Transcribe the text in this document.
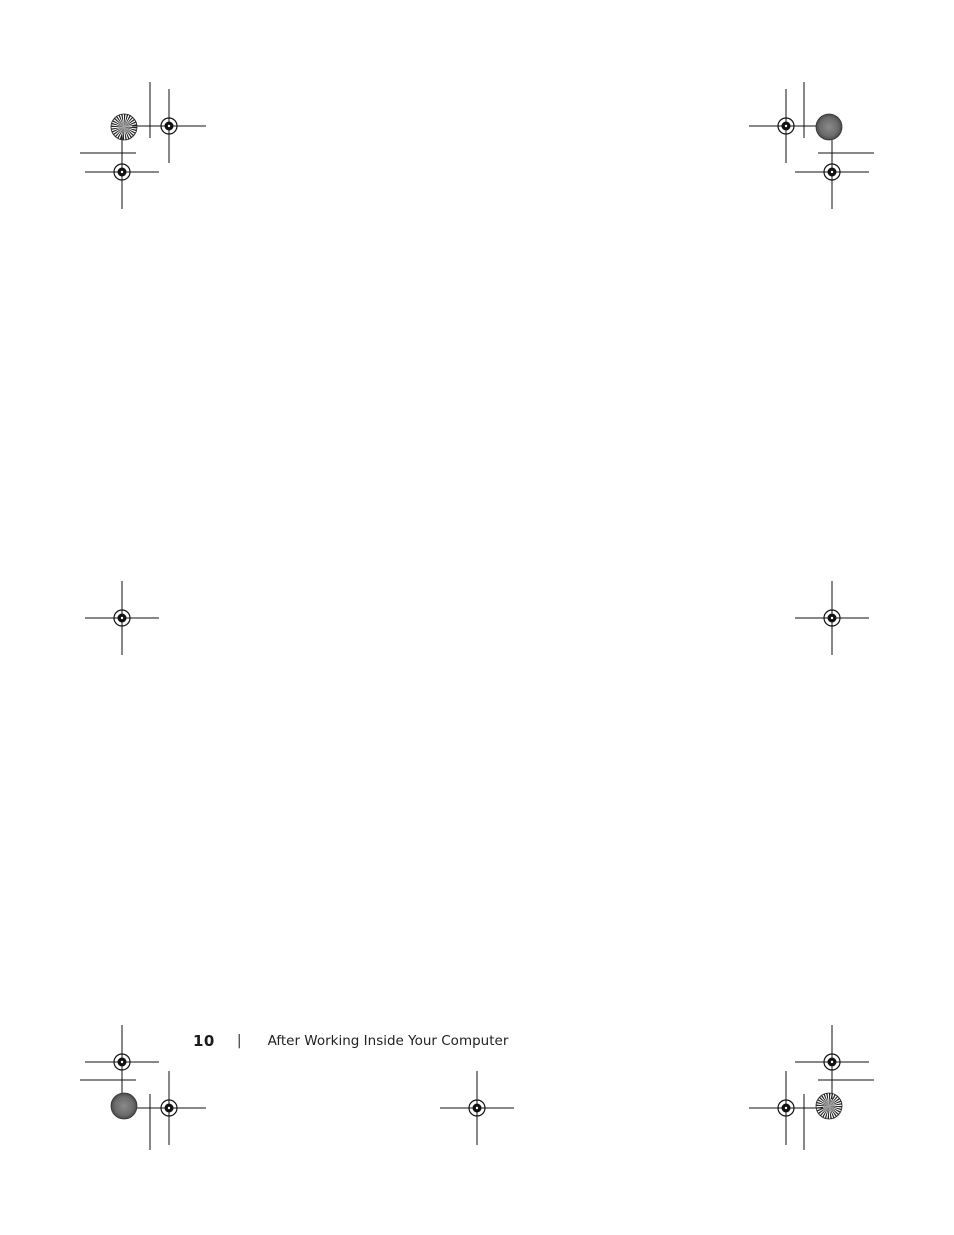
10 | After Working Inside Your Computer
